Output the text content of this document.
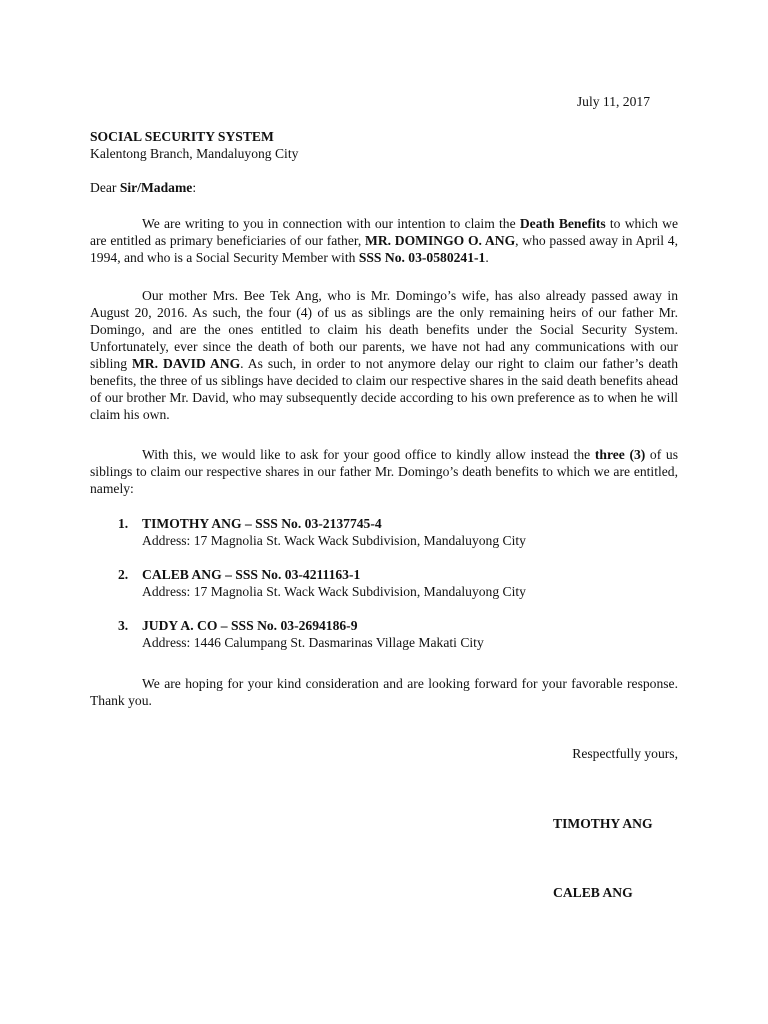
July 11, 2017
SOCIAL SECURITY SYSTEM
Kalentong Branch, Mandaluyong City
Dear Sir/Madame:
We are writing to you in connection with our intention to claim the Death Benefits to which we are entitled as primary beneficiaries of our father, MR. DOMINGO O. ANG, who passed away in April 4, 1994, and who is a Social Security Member with SSS No. 03-0580241-1.
Our mother Mrs. Bee Tek Ang, who is Mr. Domingo’s wife, has also already passed away in August 20, 2016. As such, the four (4) of us as siblings are the only remaining heirs of our father Mr. Domingo, and are the ones entitled to claim his death benefits under the Social Security System. Unfortunately, ever since the death of both our parents, we have not had any communications with our sibling MR. DAVID ANG. As such, in order to not anymore delay our right to claim our father’s death benefits, the three of us siblings have decided to claim our respective shares in the said death benefits ahead of our brother Mr. David, who may subsequently decide according to his own preference as to when he will claim his own.
With this, we would like to ask for your good office to kindly allow instead the three (3) of us siblings to claim our respective shares in our father Mr. Domingo’s death benefits to which we are entitled, namely:
1. TIMOTHY ANG – SSS No. 03-2137745-4
Address: 17 Magnolia St. Wack Wack Subdivision, Mandaluyong City
2. CALEB ANG – SSS No. 03-4211163-1
Address: 17 Magnolia St. Wack Wack Subdivision, Mandaluyong City
3. JUDY A. CO – SSS No. 03-2694186-9
Address: 1446 Calumpang St. Dasmarinas Village Makati City
We are hoping for your kind consideration and are looking forward for your favorable response. Thank you.
Respectfully yours,
TIMOTHY ANG
CALEB ANG
